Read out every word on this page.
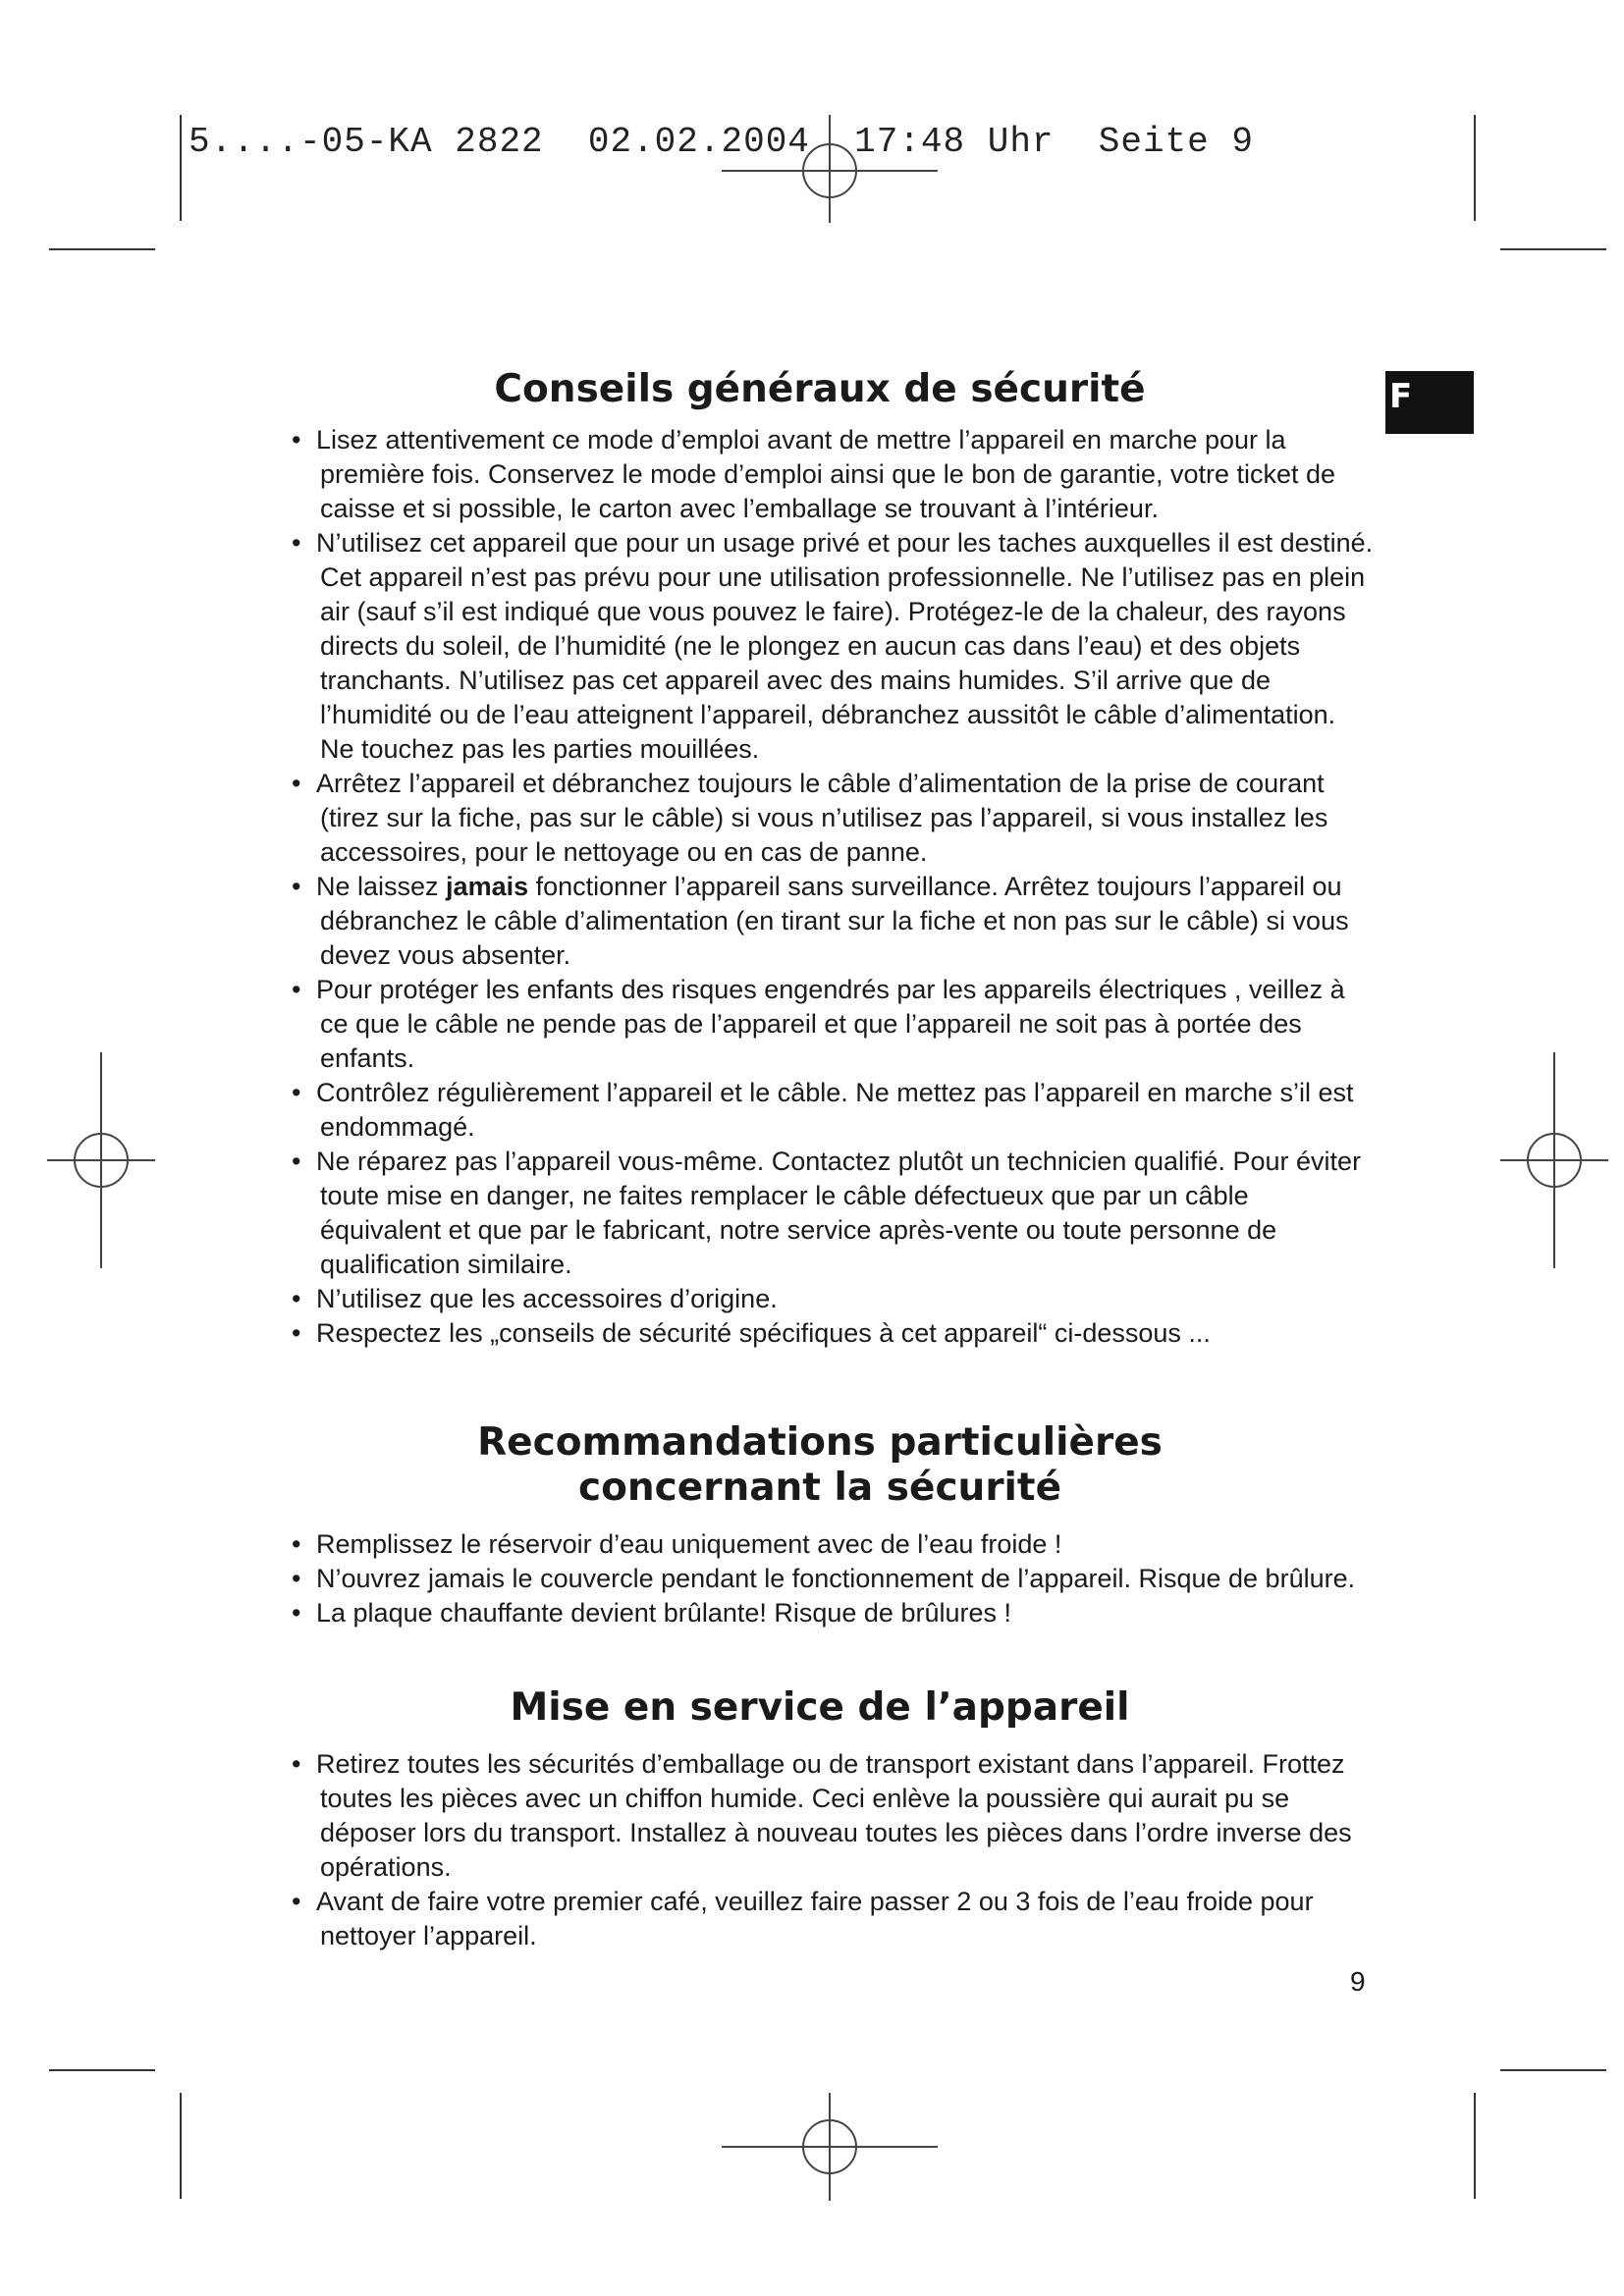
5....-05-KA 2822  02.02.2004  17:48 Uhr  Seite 9
F
Conseils généraux de sécurité
• Lisez attentivement ce mode d’emploi avant de mettre l’appareil en marche pour la première fois. Conservez le mode d’emploi ainsi que le bon de garantie, votre ticket de caisse et si possible, le carton avec l’emballage se trouvant à l’intérieur.
• N’utilisez cet appareil que pour un usage privé et pour les taches auxquelles il est destiné. Cet appareil n’est pas prévu pour une utilisation professionnelle. Ne l’utilisez pas en plein air (sauf s’il est indiqué que vous pouvez le faire). Protégez-le de la chaleur, des rayons directs du soleil, de l’humidité (ne le plongez en aucun cas dans l’eau) et des objets tranchants. N’utilisez pas cet appareil avec des mains humides. S’il arrive que de l’humidité ou de l’eau atteignent l’appareil, débranchez aussitôt le câble d’alimentation. Ne touchez pas les parties mouillées.
• Arrêtez l’appareil et débranchez toujours le câble d’alimentation de la prise de courant (tirez sur la fiche, pas sur le câble) si vous n’utilisez pas l’appareil, si vous installez les accessoires, pour le nettoyage ou en cas de panne.
• Ne laissez jamais fonctionner l’appareil sans surveillance. Arrêtez toujours l’appareil ou débranchez le câble d’alimentation (en tirant sur la fiche et non pas sur le câble) si vous devez vous absenter.
• Pour protéger les enfants des risques engendrés par les appareils électriques , veillez à ce que le câble ne pende pas de l’appareil et que l’appareil ne soit pas à portée des enfants.
• Contrôlez régulièrement l’appareil et le câble. Ne mettez pas l’appareil en marche s’il est endommagé.
• Ne réparez pas l’appareil vous-même. Contactez plutôt un technicien qualifié. Pour éviter toute mise en danger, ne faites remplacer le câble défectueux que par un câble équivalent et que par le fabricant, notre service après-vente ou toute personne de qualification similaire.
• N’utilisez que les accessoires d’origine.
• Respectez les „conseils de sécurité spécifiques à cet appareil“ ci-dessous ...
Recommandations particulières
concernant la sécurité
• Remplissez le réservoir d’eau uniquement avec de l’eau froide !
• N’ouvrez jamais le couvercle pendant le fonctionnement de l’appareil. Risque de brûlure.
• La plaque chauffante devient brûlante! Risque de brûlures !
Mise en service de l’appareil
• Retirez toutes les sécurités d’emballage ou de transport existant dans l’appareil. Frottez toutes les pièces avec un chiffon humide. Ceci enlève la poussière qui aurait pu se déposer lors du transport. Installez à nouveau toutes les pièces dans l’ordre inverse des opérations.
• Avant de faire votre premier café, veuillez faire passer 2 ou 3 fois de l’eau froide pour nettoyer l’appareil.
9
